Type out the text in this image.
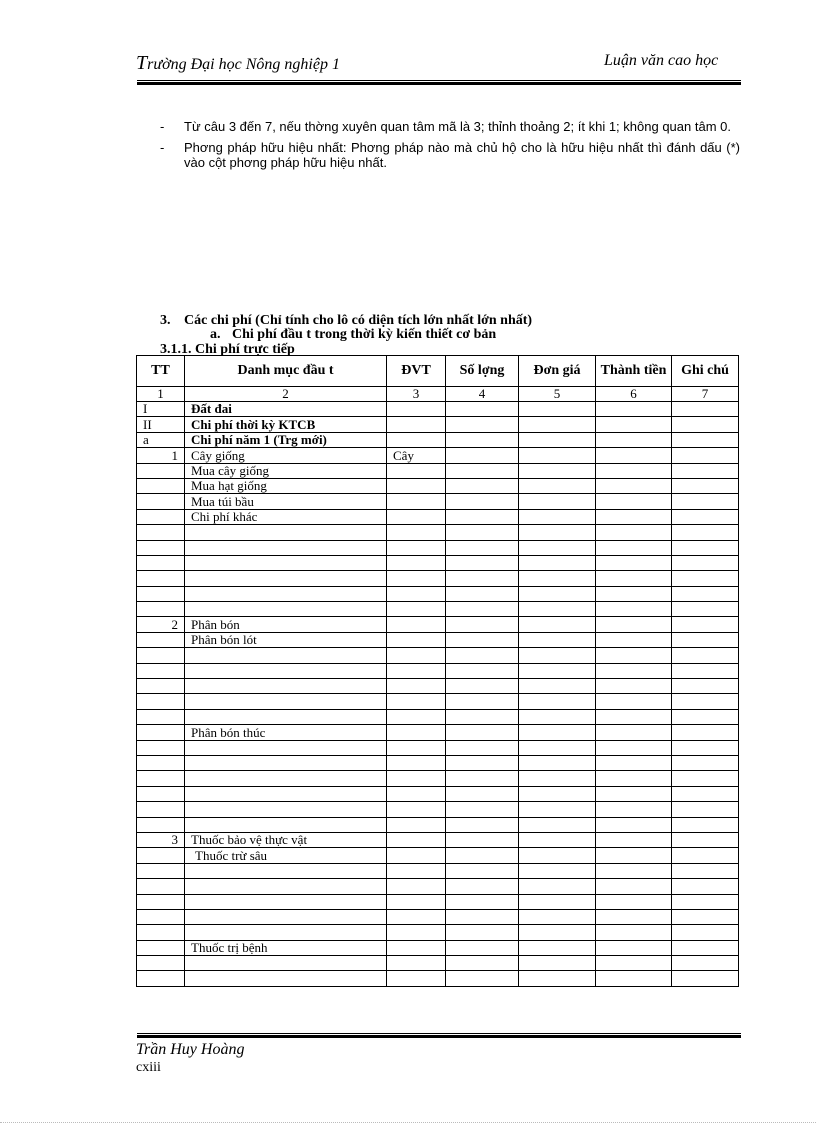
Trường Đại học Nông nghiệp 1	Luận văn cao học
- Từ câu 3 đến 7, nếu thờng xuyên quan tâm mã là 3; thỉnh thoảng 2; ít khi 1; không quan tâm 0.
- Phơng pháp hữu hiệu nhất: Phơng pháp nào mà chủ hộ cho là hữu hiệu nhất thì đánh dấu (*) vào cột phơng pháp hữu hiệu nhất.
3. Các chi phí (Chỉ tính cho lô có diện tích lớn nhất lớn nhất)
a. Chi phí đầu t trong thời kỳ kiến thiết cơ bản
3.1.1. Chi phí trực tiếp
TT	Danh mục đầu t	ĐVT	Số lợng	Đơn giá	Thành tiền	Ghi chú
1	2	3	4	5	6	7
I	Đất đai					
II	Chi phí thời kỳ KTCB					
a	Chi phí năm 1 (Trg mới)					
1	Cây giống	Cây				
	Mua cây giống					
	Mua hạt giống					
	Mua túi bầu					
	Chi phí khác					

2	Phân bón					
	Phân bón lót					

	Phân bón thúc					

3	Thuốc bảo vệ thực vật					
	Thuốc trừ sâu					

	Thuốc trị bệnh					

Trần Huy Hoàng
cxiii
